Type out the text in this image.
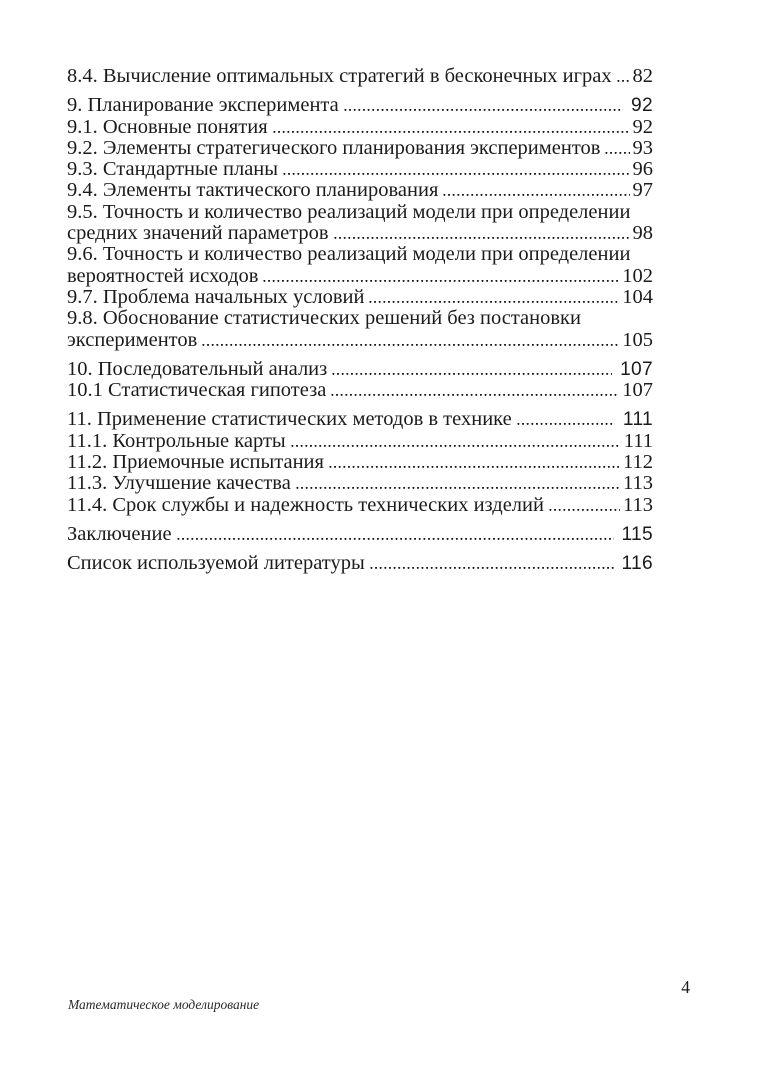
8.4. Вычисление оптимальных стратегий в бесконечных играх 82
9. Планирование эксперимента	92
9.1. Основные понятия	92
9.2. Элементы стратегического планирования экспериментов 93
9.3. Стандартные планы	96
9.4. Элементы тактического планирования	97
9.5. Точность и количество реализаций модели при определении
средних значений параметров	98
9.6. Точность и количество реализаций модели при определении
вероятностей исходов	102
9.7. Проблема начальных условий	104
9.8. Обоснование статистических решений без постановки
экспериментов	105
10. Последовательный анализ	107
10.1 Статистическая гипотеза	107
11. Применение статистических методов в технике	111
11.1. Контрольные карты	111
11.2. Приемочные испытания	112
11.3. Улучшение качества	113
11.4. Срок службы и надежность технических изделий	113
Заключение	115
Список используемой литературы	116
Математическое моделирование
4
